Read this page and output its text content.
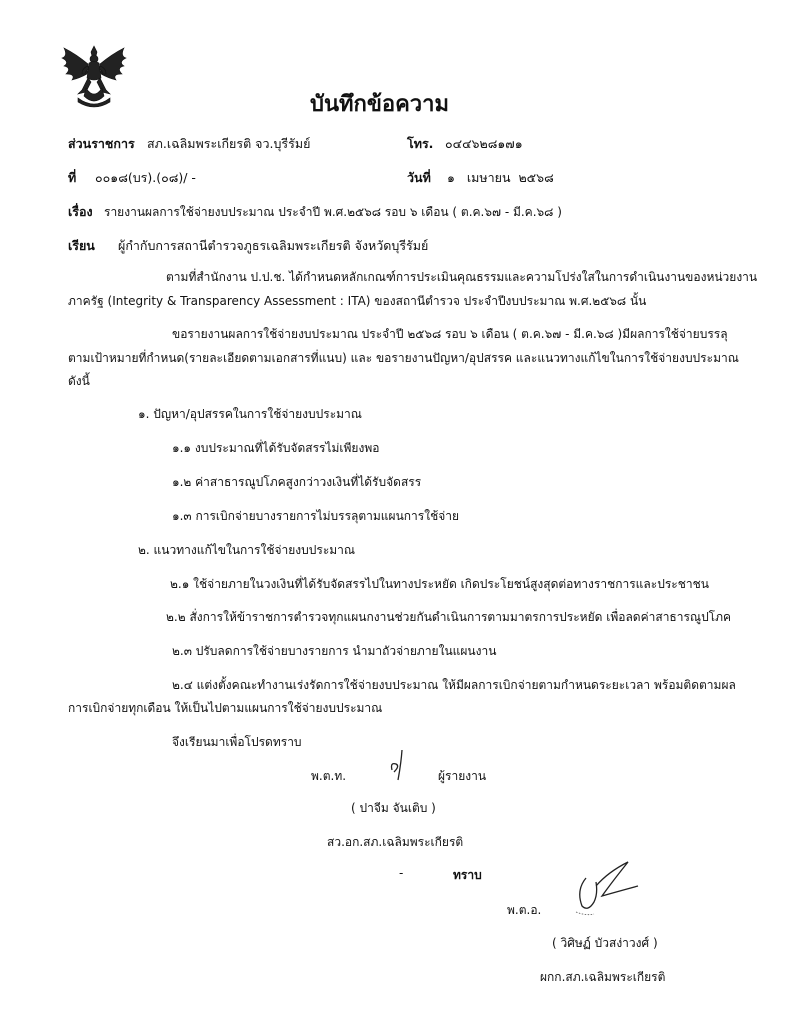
บันทึกข้อความ
ส่วนราชการ สภ.เฉลิมพระเกียรติ จว.บุรีรัมย์	โทร. ๐๔๔๖๒๘๑๗๑
ที่ ๐๐๑๘(บร).(๐๘)/ -	วันที่ ๑   เมษายน  ๒๕๖๘
เรื่อง รายงานผลการใช้จ่ายงบประมาณ ประจำปี พ.ศ.๒๕๖๘ รอบ ๖ เดือน ( ต.ค.๖๗ - มี.ค.๖๘ )
เรียน ผู้กำกับการสถานีตำรวจภูธรเฉลิมพระเกียรติ จังหวัดบุรีรัมย์
ตามที่สำนักงาน ป.ป.ช. ได้กำหนดหลักเกณฑ์การประเมินคุณธรรมและความโปร่งใสในการดำเนินงานของหน่วยงาน
ภาครัฐ (Integrity & Transparency Assessment : ITA) ของสถานีตำรวจ ประจำปีงบประมาณ พ.ศ.๒๕๖๘ นั้น
ขอรายงานผลการใช้จ่ายงบประมาณ ประจำปี ๒๕๖๘ รอบ ๖ เดือน ( ต.ค.๖๗ - มี.ค.๖๘ )มีผลการใช้จ่ายบรรลุ
ตามเป้าหมายที่กำหนด(รายละเอียดตามเอกสารที่แนบ) และ ขอรายงานปัญหา/อุปสรรค และแนวทางแก้ไขในการใช้จ่ายงบประมาณ
ดังนี้
๑. ปัญหา/อุปสรรคในการใช้จ่ายงบประมาณ
๑.๑ งบประมาณที่ได้รับจัดสรรไม่เพียงพอ
๑.๒ ค่าสาธารณูปโภคสูงกว่าวงเงินที่ได้รับจัดสรร
๑.๓ การเบิกจ่ายบางรายการไม่บรรลุตามแผนการใช้จ่าย
๒. แนวทางแก้ไขในการใช้จ่ายงบประมาณ
๒.๑ ใช้จ่ายภายในวงเงินที่ได้รับจัดสรรไปในทางประหยัด เกิดประโยชน์สูงสุดต่อทางราชการและประชาชน
๒.๒ สั่งการให้ข้าราชการตำรวจทุกแผนกงานช่วยกันดำเนินการตามมาตรการประหยัด เพื่อลดค่าสาธารณูปโภค
๒.๓ ปรับลดการใช้จ่ายบางรายการ นำมาถัวจ่ายภายในแผนงาน
๒.๔ แต่งตั้งคณะทำงานเร่งรัดการใช้จ่ายงบประมาณ ให้มีผลการเบิกจ่ายตามกำหนดระยะเวลา พร้อมติดตามผล
การเบิกจ่ายทุกเดือน ให้เป็นไปตามแผนการใช้จ่ายงบประมาณ
จึงเรียนมาเพื่อโปรดทราบ
พ.ต.ท.	ผู้รายงาน
( ปาจีม จันเติบ )
สว.อก.สภ.เฉลิมพระเกียรติ
-	ทราบ
พ.ต.อ.
( วิศิษฏ์ บัวสง่าวงศ์ )
ผกก.สภ.เฉลิมพระเกียรติ
